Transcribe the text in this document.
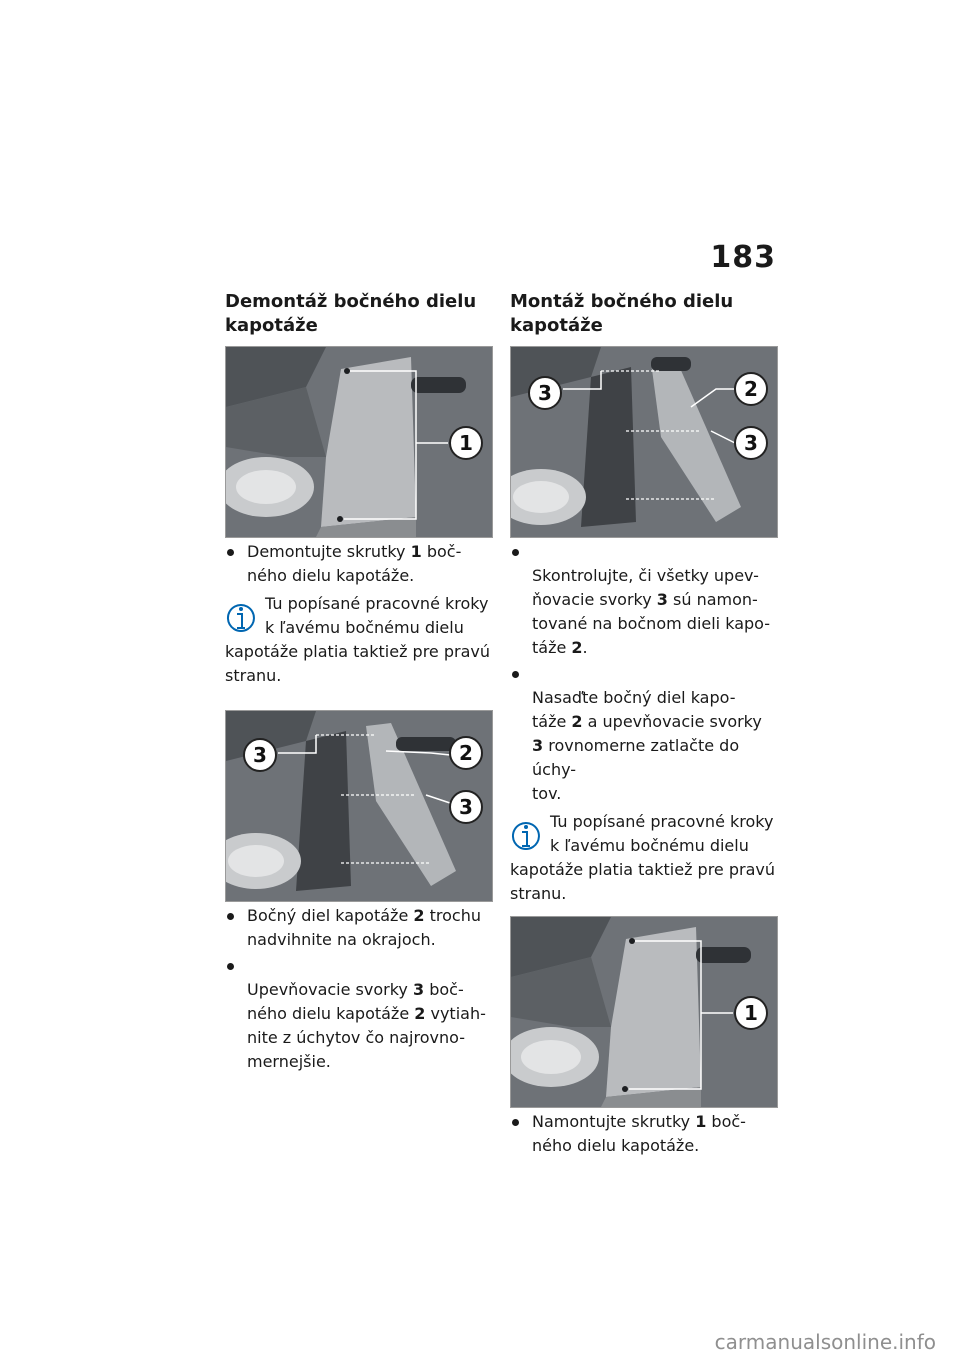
183
Demontáž bočného dielu
kapotáže
1
Demontujte skrutky 1 boč-
ného dielu kapotáže.
Tu popísané pracovné kroky k ľavému bočnému dielu kapotáže platia taktiež pre pravú stranu.
3	2
3
Bočný diel kapotáže 2 trochu nadvihnite na okrajoch.

Upevňovacie svorky 3 boč-
ného dielu kapotáže 2 vytiah-
nite z úchytov čo najrovno-
mernejšie.

Montáž bočného dielu
kapotáže
3	2
3

Skontrolujte, či všetky upev-
ňovacie svorky 3 sú namon-
tované na bočnom dieli kapo-
táže 2.

Nasaďte bočný diel kapo-
táže 2 a upevňovacie svorky 3 rovnomerne zatlačte do úchy-
tov.

Tu popísané pracovné kroky k ľavému bočnému dielu kapotáže platia taktiež pre pravú stranu.
1
Namontujte skrutky 1 boč-
ného dielu kapotáže.
carmanualsonline.info
